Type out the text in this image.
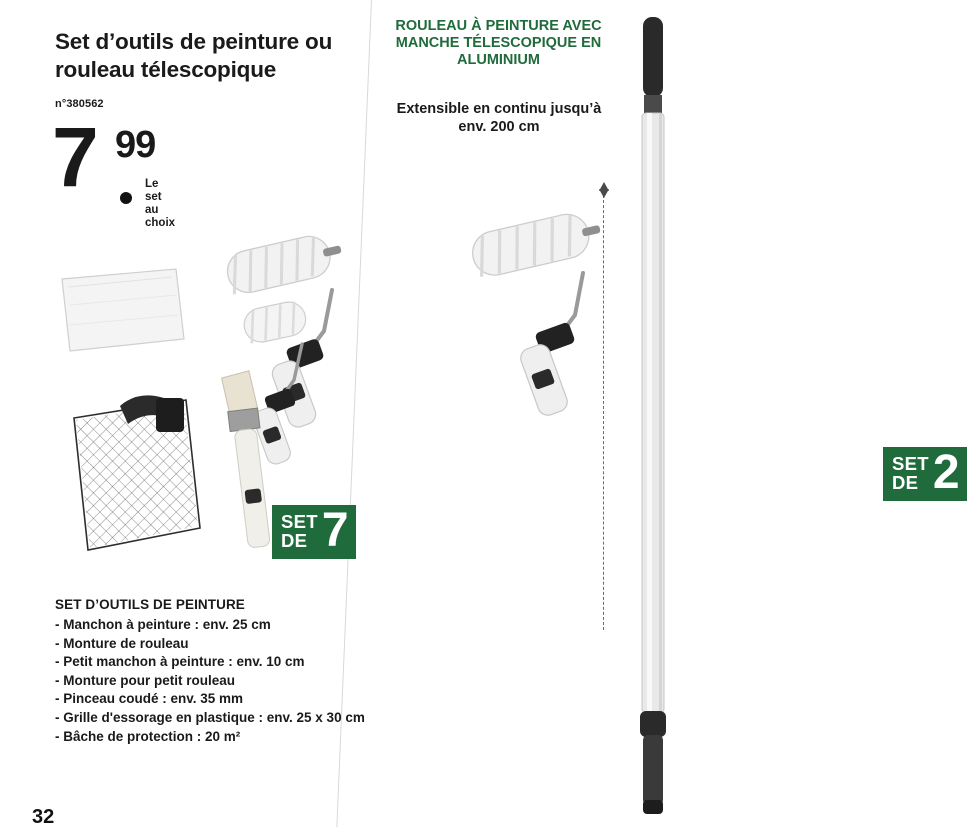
Set d’outils de peinture ou rouleau télescopique
n°380562
7 99
Le set
au choix
SET
DE 7
SET D’OUTILS DE PEINTURE
- Manchon à peinture : env. 25 cm
- Monture de rouleau
- Petit manchon à peinture : env. 10 cm
- Monture pour petit rouleau
- Pinceau coudé : env. 35 mm
- Grille d'essorage en plastique : env. 25 x 30 cm
- Bâche de protection : 20 m²
32
ROULEAU À PEINTURE AVEC MANCHE TÉLESCOPIQUE EN ALUMINIUM
Extensible en continu jusqu’à env. 200 cm
SET
DE 2
